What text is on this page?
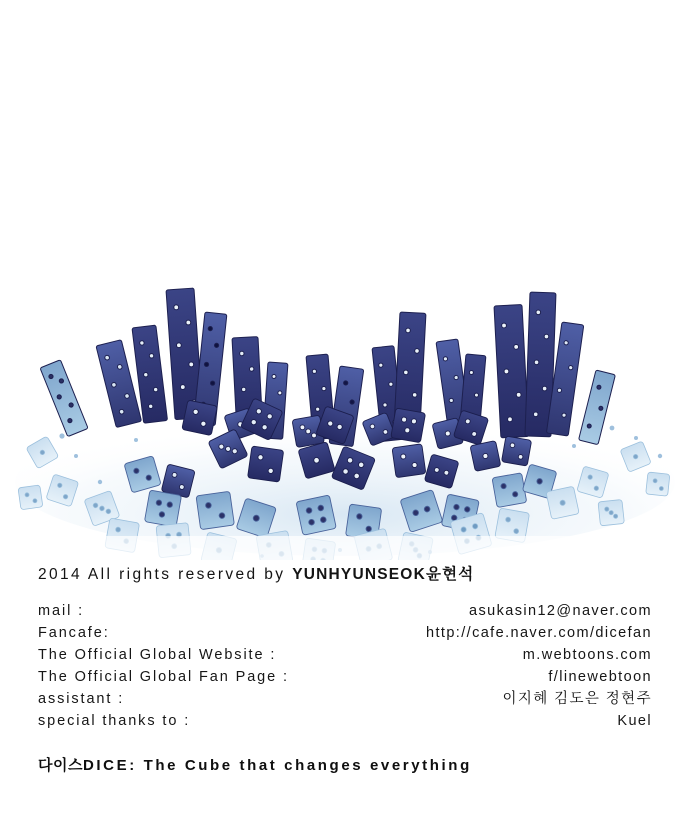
2014 All rights reserved by YUNHYUNSEOK윤현석
mail :	asukasin12@naver.com
Fancafe:	http://cafe.naver.com/dicefan
The Official Global Website :	m.webtoons.com
The Official Global Fan Page :	f/linewebtoon
assistant :	이지혜 김도은 정현주
special thanks to :	Kuel
다이스DICE: The Cube that changes everything
